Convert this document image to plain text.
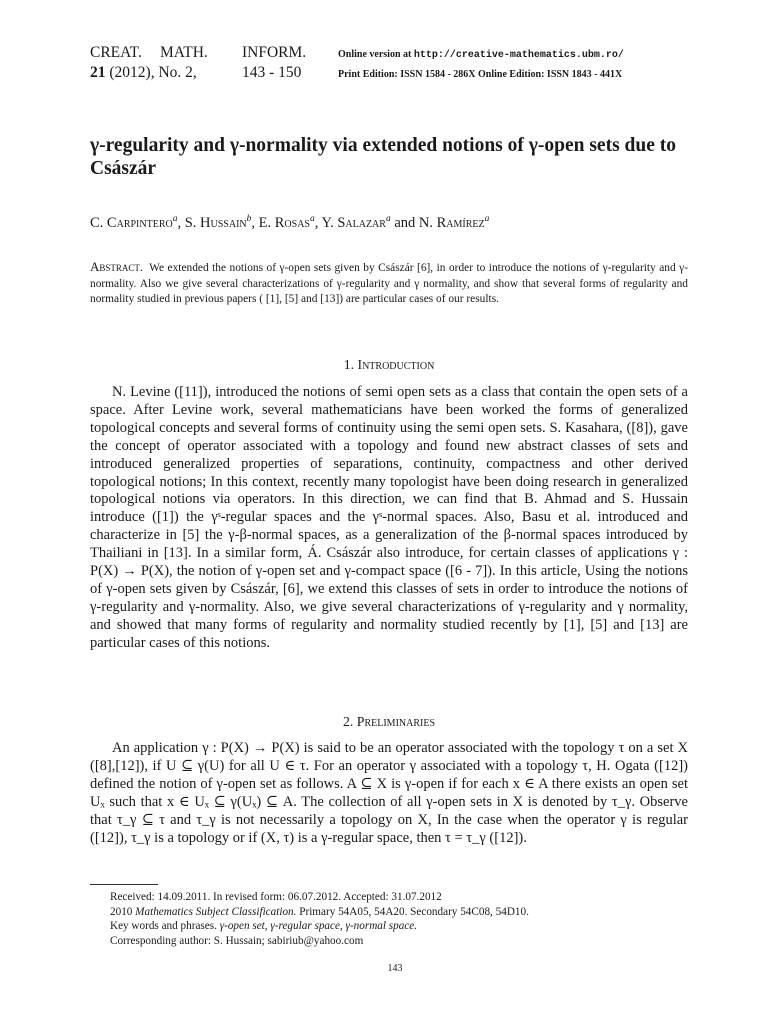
CREAT.	MATH.	INFORM.	Online version at http://creative-mathematics.ubm.ro/
21 (2012), No. 2,	143 - 150	Print Edition: ISSN 1584 - 286X Online Edition: ISSN 1843 - 441X
γ-regularity and γ-normality via extended notions of γ-open sets due to Császár
C. Carpintero$^a$, S. Hussain$^b$, E. Rosas$^a$, Y. Salazar$^a$ and N. Ramírez$^a$
Abstract. We extended the notions of γ-open sets given by Császár [6], in order to introduce the notions of γ-regularity and γ-normality. Also we give several characterizations of γ-regularity and γ normality, and show that several forms of regularity and normality studied in previous papers ( [1], [5] and [13]) are particular cases of our results.
1. Introduction
N. Levine ([11]), introduced the notions of semi open sets as a class that contain the open sets of a space. After Levine work, several mathematicians have been worked the forms of generalized topological concepts and several forms of continuity using the semi open sets. S. Kasahara, ([8]), gave the concept of operator associated with a topology and found new abstract classes of sets and introduced generalized properties of separations, continuity, compactness and other derived topological notions; In this context, recently many topologist have been doing research in generalized topological notions via operators. In this direction, we can find that B. Ahmad and S. Hussain introduce ([1]) the γˢ-regular spaces and the γˢ-normal spaces. Also, Basu et al. introduced and characterize in [5] the γ-β-normal spaces, as a generalization of the β-normal spaces introduced by Thailiani in [13]. In a similar form, Á. Császár also introduce, for certain classes of applications γ : P(X) → P(X), the notion of γ-open set and γ-compact space ([6 - 7]). In this article, Using the notions of γ-open sets given by Császár, [6], we extend this classes of sets in order to introduce the notions of γ-regularity and γ-normality. Also, we give several characterizations of γ-regularity and γ normality, and showed that many forms of regularity and normality studied recently by [1], [5] and [13] are particular cases of this notions.
2. Preliminaries
An application γ : P(X) → P(X) is said to be an operator associated with the topology τ on a set X ([8],[12]), if U ⊆ γ(U) for all U ∈ τ. For an operator γ associated with a topology τ, H. Ogata ([12]) defined the notion of γ-open set as follows. A ⊆ X is γ-open if for each x ∈ A there exists an open set Uₓ such that x ∈ Uₓ ⊆ γ(Uₓ) ⊆ A. The collection of all γ-open sets in X is denoted by τ_γ. Observe that τ_γ ⊆ τ and τ_γ is not necessarily a topology on X, In the case when the operator γ is regular ([12]), τ_γ is a topology or if (X, τ) is a γ-regular space, then τ = τ_γ ([12]).
Received: 14.09.2011. In revised form: 06.07.2012. Accepted: 31.07.2012
2010 Mathematics Subject Classification. Primary 54A05, 54A20. Secondary 54C08, 54D10.
Key words and phrases. γ-open set, γ-regular space, γ-normal space.
Corresponding author: S. Hussain; sabiriub@yahoo.com
143
